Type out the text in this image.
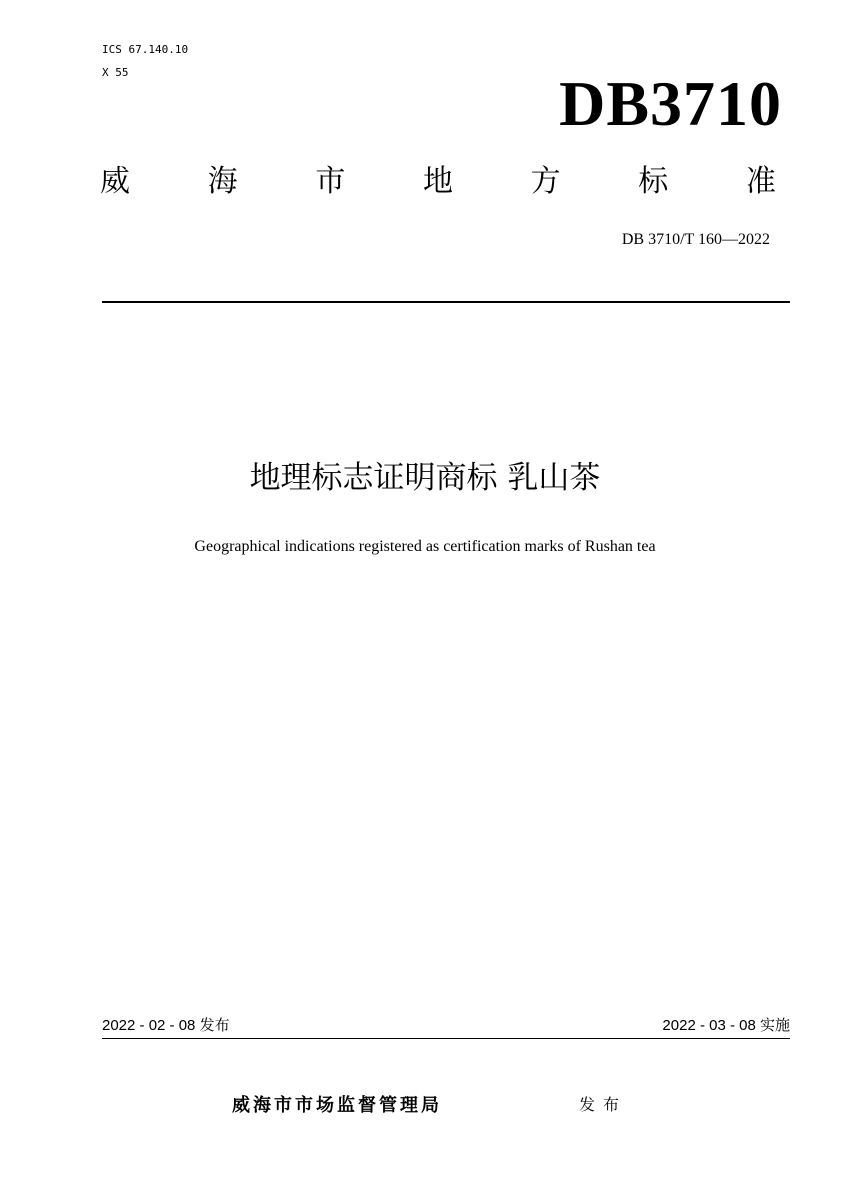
ICS 67.140.10
X 55	DB3710
威	海	市	地	方	标	准
DB 3710/T 160—2022
地理标志证明商标 乳山茶
Geographical indications registered as certification marks of Rushan tea
2022 - 02 - 08 发布	2022 - 03 - 08 实施
威海市市场监督管理局	发布
